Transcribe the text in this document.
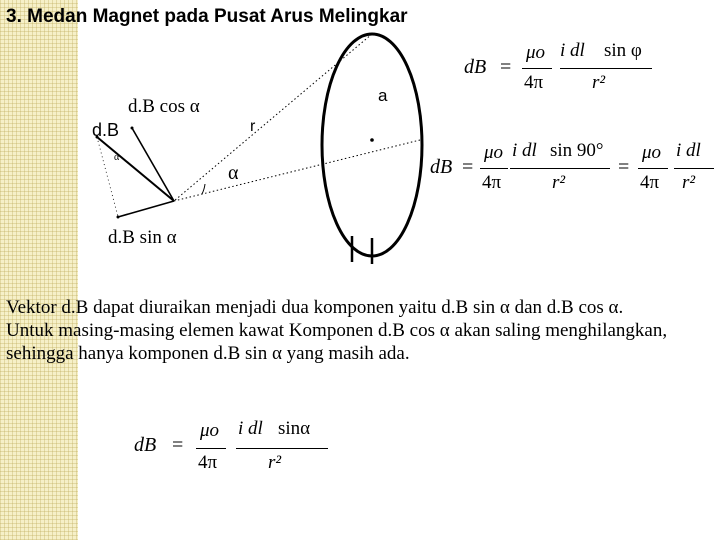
3. Medan Magnet pada Pusat Arus Melingkar
d.B
d.B cos α
d.B sin α
r
a
α
α
dB =
μo i dl sin φ
4π	r²
dB =
μo i dl sin 90°
4π	r²
=
μo i dl
4π r²

Vektor d.B dapat diuraikan menjadi dua komponen yaitu d.B sin α dan d.B cos α.

Untuk masing-masing elemen kawat Komponen d.B cos α akan saling menghilangkan, sehingga hanya komponen d.B sin α yang masih ada.

dB =
μo i dl sinα
4π	r²
